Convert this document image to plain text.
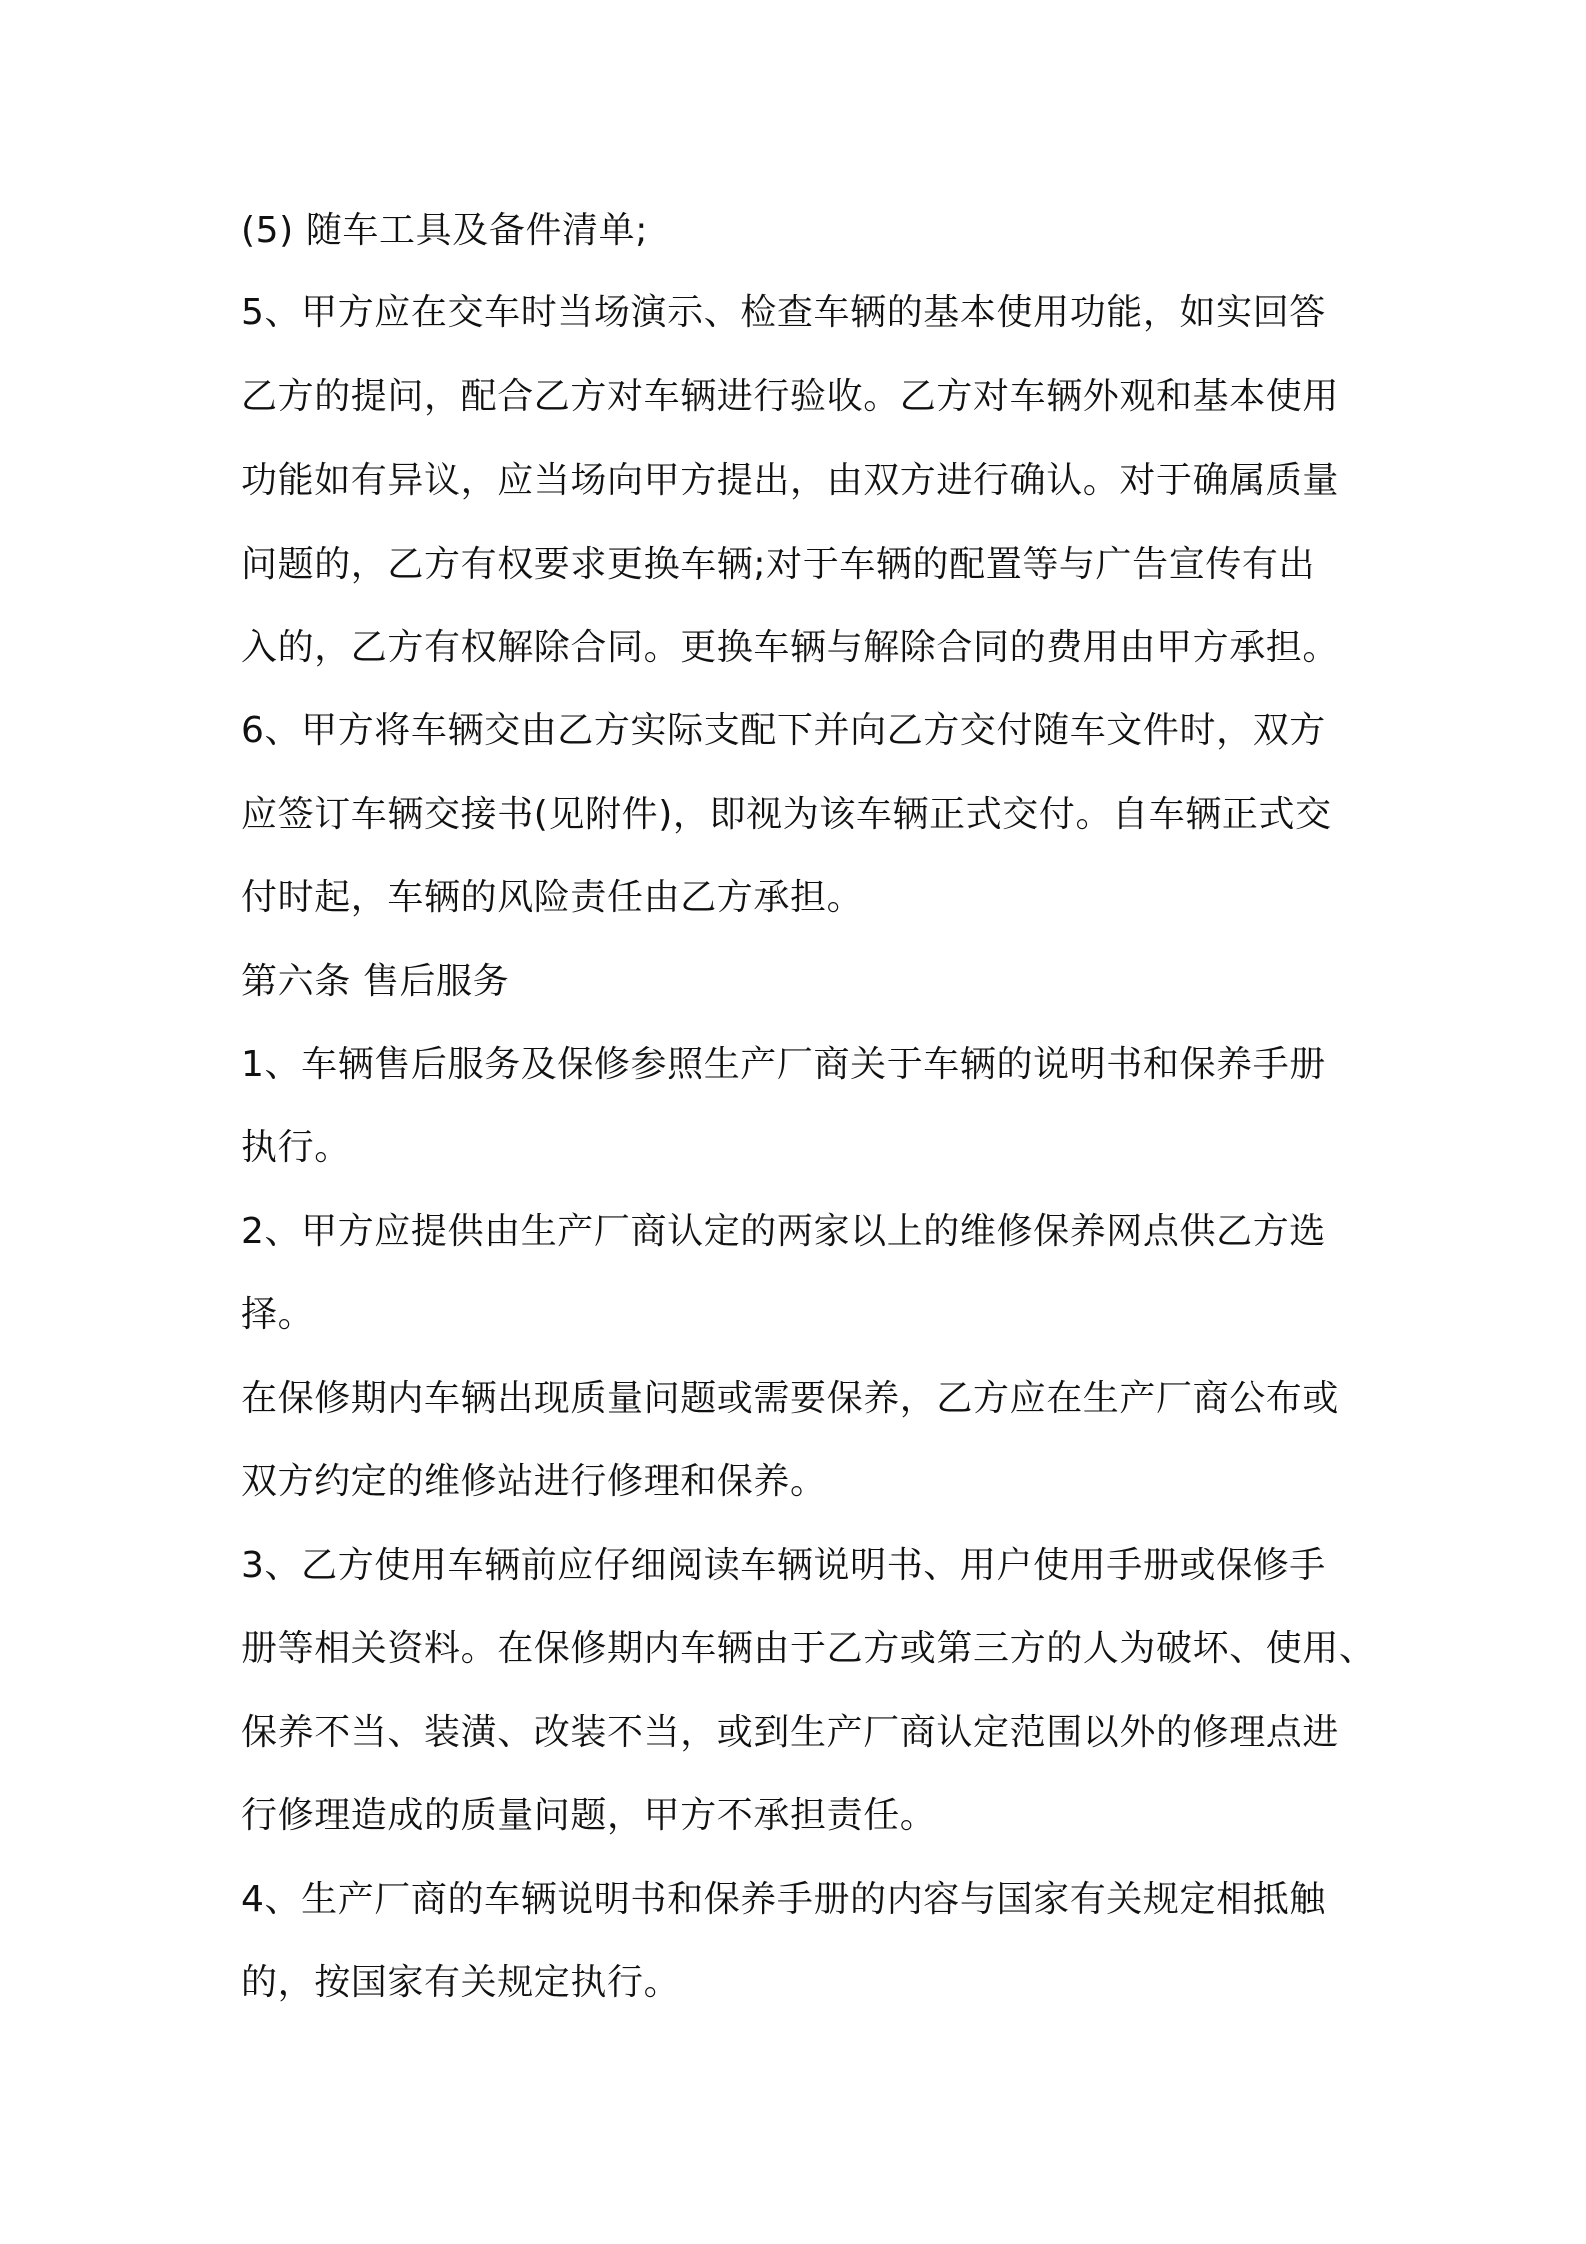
(5) 随车工具及备件清单;
5、甲方应在交车时当场演示、检查车辆的基本使用功能，如实回答
乙方的提问，配合乙方对车辆进行验收。乙方对车辆外观和基本使用
功能如有异议，应当场向甲方提出，由双方进行确认。对于确属质量
问题的，乙方有权要求更换车辆;对于车辆的配置等与广告宣传有出
入的，乙方有权解除合同。更换车辆与解除合同的费用由甲方承担。
6、甲方将车辆交由乙方实际支配下并向乙方交付随车文件时，双方
应签订车辆交接书(见附件)，即视为该车辆正式交付。自车辆正式交
付时起，车辆的风险责任由乙方承担。
第六条 售后服务
1、车辆售后服务及保修参照生产厂商关于车辆的说明书和保养手册
执行。
2、甲方应提供由生产厂商认定的两家以上的维修保养网点供乙方选
择。
在保修期内车辆出现质量问题或需要保养，乙方应在生产厂商公布或
双方约定的维修站进行修理和保养。
3、乙方使用车辆前应仔细阅读车辆说明书、用户使用手册或保修手
册等相关资料。在保修期内车辆由于乙方或第三方的人为破坏、使用、
保养不当、装潢、改装不当，或到生产厂商认定范围以外的修理点进
行修理造成的质量问题，甲方不承担责任。
4、生产厂商的车辆说明书和保养手册的内容与国家有关规定相抵触
的，按国家有关规定执行。
